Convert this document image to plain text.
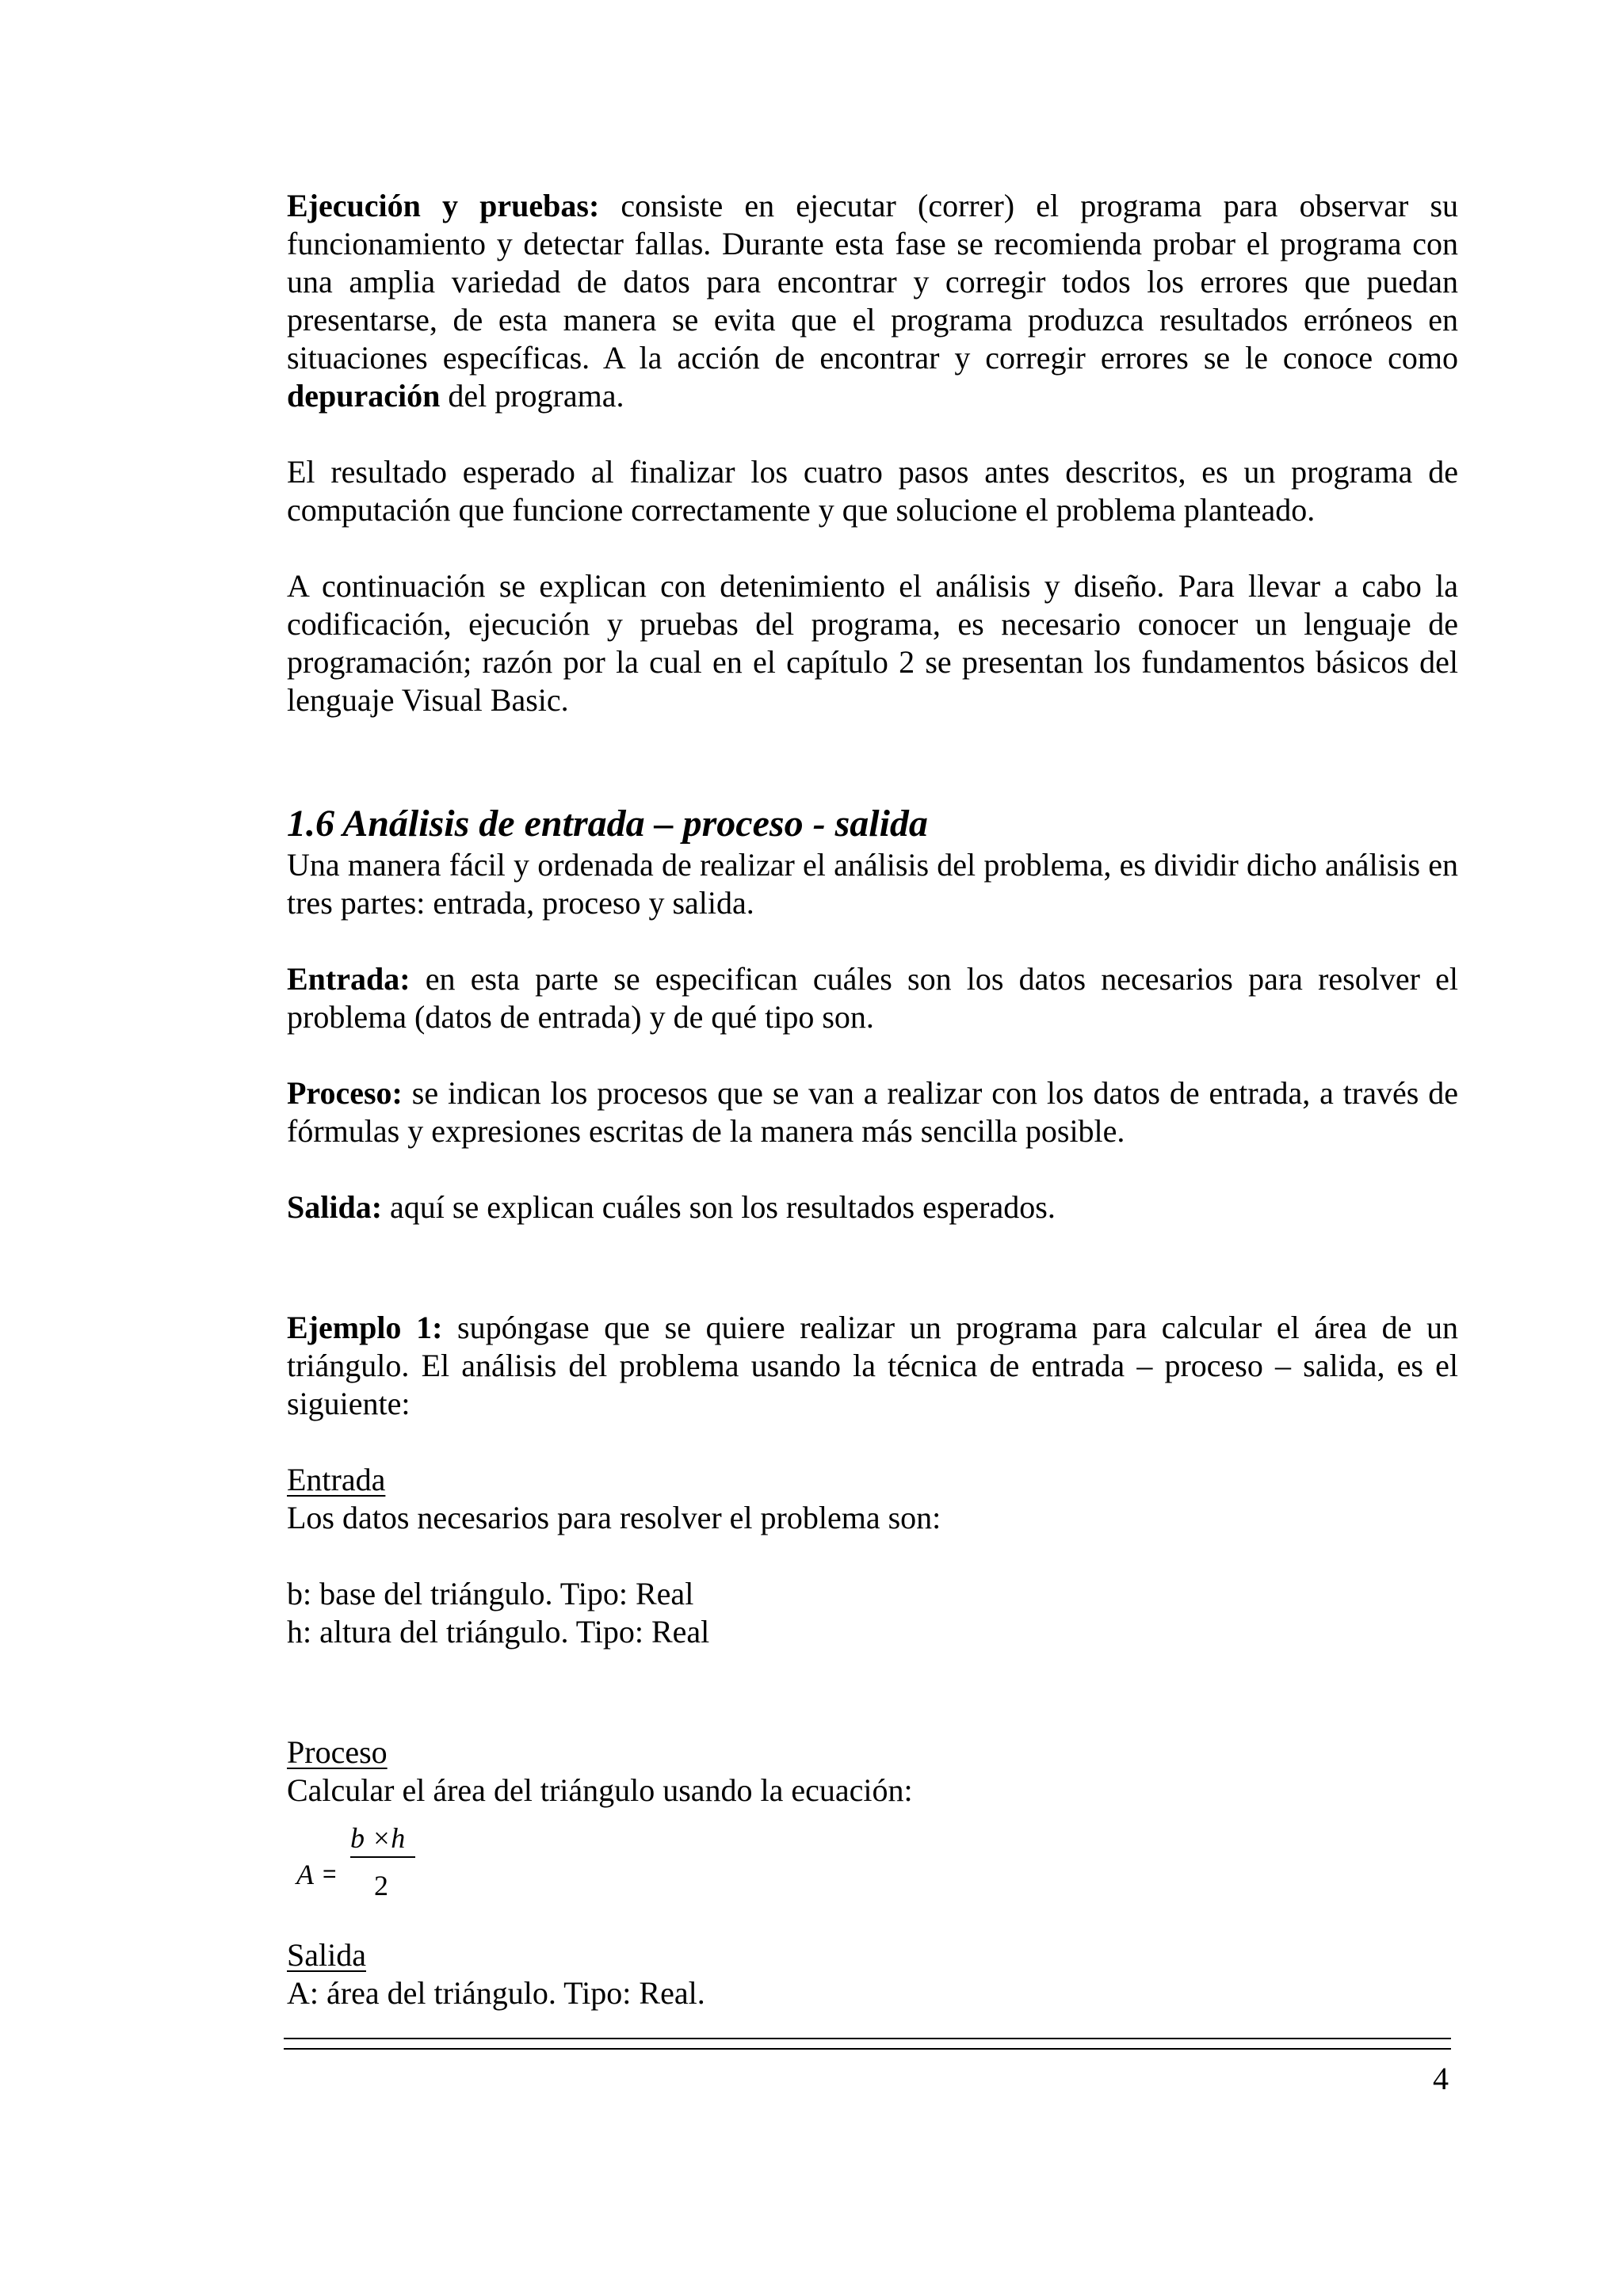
Ejecución y pruebas: consiste en ejecutar (correr) el programa para observar su funcionamiento y detectar fallas. Durante esta fase se recomienda probar el programa con una amplia variedad de datos para encontrar y corregir todos los errores que puedan presentarse, de esta manera se evita que el programa produzca resultados erróneos en situaciones específicas. A la acción de encontrar y corregir errores se le conoce como depuración del programa.

El resultado esperado al finalizar los cuatro pasos antes descritos, es un programa de computación que funcione correctamente y que solucione el problema planteado.

A continuación se explican con detenimiento el análisis y diseño. Para llevar a cabo la codificación, ejecución y pruebas del programa, es necesario conocer un lenguaje de programación; razón por la cual en el capítulo 2 se presentan los fundamentos básicos del lenguaje Visual Basic.

1.6 Análisis de entrada – proceso - salida

Una manera fácil y ordenada de realizar el análisis del problema, es dividir dicho análisis en tres partes: entrada, proceso y salida.

Entrada: en esta parte se especifican cuáles son los datos necesarios para resolver el problema (datos de entrada) y de qué tipo son.

Proceso: se indican los procesos que se van a realizar con los datos de entrada, a través de fórmulas y expresiones escritas de la manera más sencilla posible.

Salida: aquí se explican cuáles son los resultados esperados.

Ejemplo 1: supóngase que se quiere realizar un programa para calcular el área de un triángulo. El análisis del problema usando la técnica de entrada – proceso – salida, es el siguiente:

Entrada

Los datos necesarios para resolver el problema son:

b: base del triángulo. Tipo: Real

h: altura del triángulo. Tipo: Real

Proceso

Calcular el área del triángulo usando la ecuación:

A =
b ×h
2

Salida

A: área del triángulo. Tipo: Real.

4
